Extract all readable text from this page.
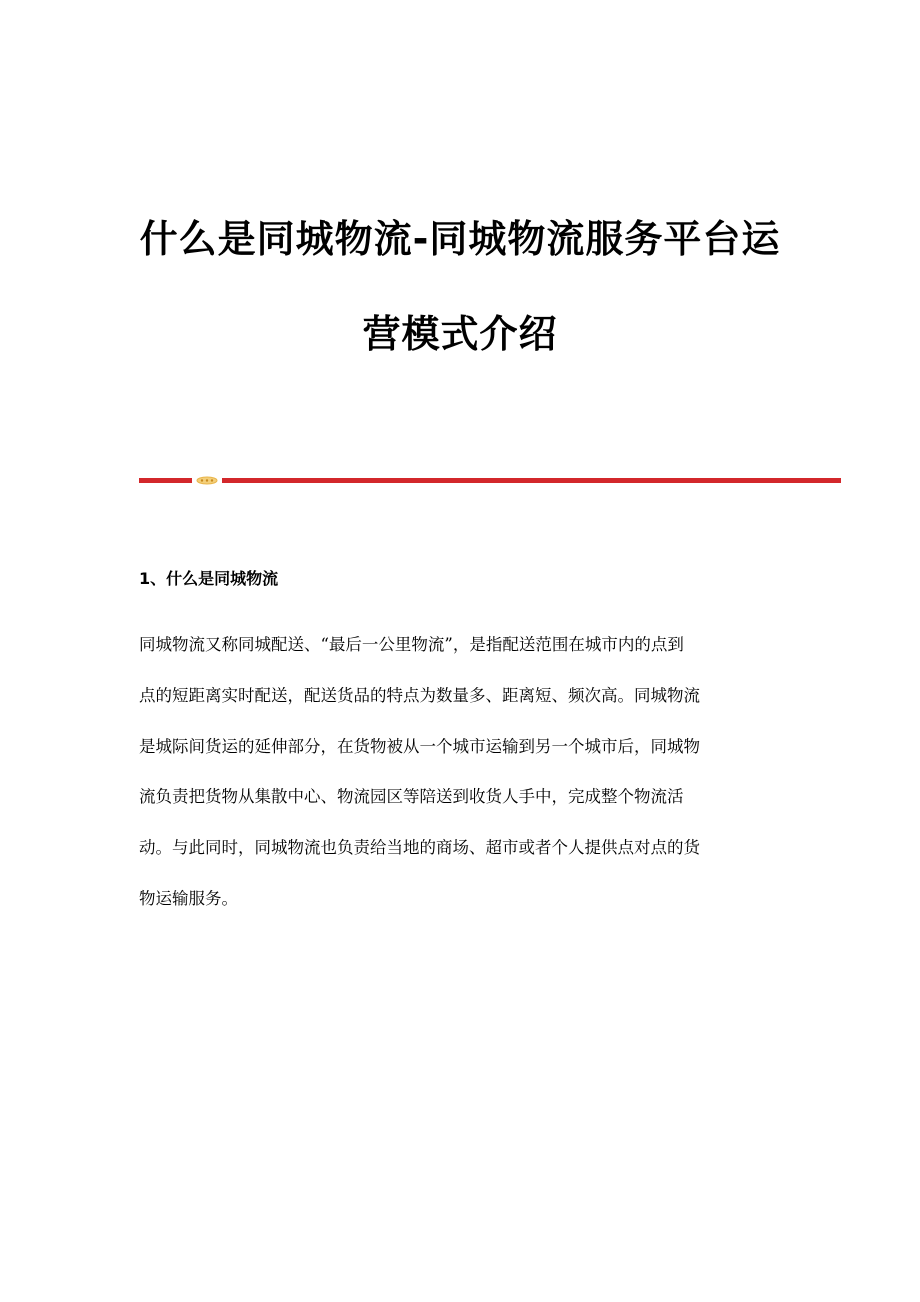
什么是同城物流-同城物流服务平台运
营模式介绍
1、什么是同城物流
同城物流又称同城配送、“最后一公里物流”，是指配送范围在城市内的点到
点的短距离实时配送，配送货品的特点为数量多、距离短、频次高。同城物流
是城际间货运的延伸部分，在货物被从一个城市运输到另一个城市后，同城物
流负责把货物从集散中心、物流园区等陪送到收货人手中，完成整个物流活
动。与此同时，同城物流也负责给当地的商场、超市或者个人提供点对点的货
物运输服务。
